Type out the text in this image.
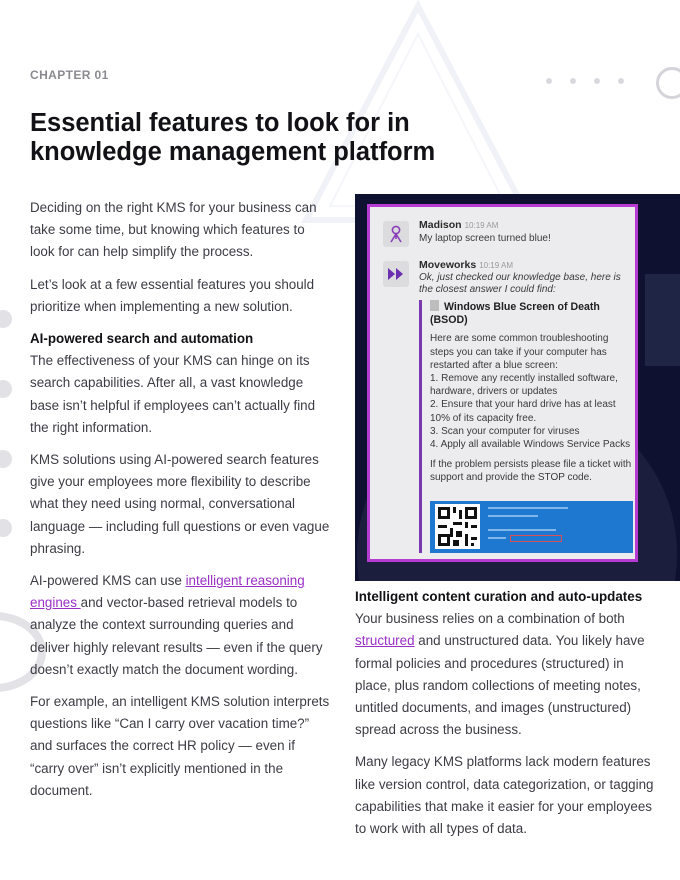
CHAPTER 01
Essential features to look for in knowledge management platform

Deciding on the right KMS for your business can take some time, but knowing which features to look for can help simplify the process.

Let’s look at a few essential features you should prioritize when implementing a new solution.

AI-powered search and automation

The effectiveness of your KMS can hinge on its search capabilities. After all, a vast knowledge base isn’t helpful if employees can’t actually find the right information.

KMS solutions using AI-powered search features give your employees more flexibility to describe what they need using normal, conversational language — including full questions or even vague phrasing.

AI-powered KMS can use intelligent reasoning engines and vector-based retrieval models to analyze the context surrounding queries and deliver highly relevant results — even if the query doesn’t exactly match the document wording.

For example, an intelligent KMS solution interprets questions like “Can I carry over vacation time?” and surfaces the correct HR policy — even if “carry over” isn’t explicitly mentioned in the document.

Madison 10:19 AM
My laptop screen turned blue!
Moveworks 10:19 AM
Ok, just checked our knowledge base, here is the closest answer I could find:
Windows Blue Screen of Death (BSOD)
Here are some common troubleshooting steps you can take if your computer has restarted after a blue screen:
1. Remove any recently installed software, hardware, drivers or updates
2. Ensure that your hard drive has at least 10% of its capacity free.
3. Scan your computer for viruses
4. Apply all available Windows Service Packs
If the problem persists please file a ticket with support and provide the STOP code.
Intelligent content curation and auto-updates

Your business relies on a combination of both structured and unstructured data. You likely have formal policies and procedures (structured) in place, plus random collections of meeting notes, untitled documents, and images (unstructured) spread across the business.

Many legacy KMS platforms lack modern features like version control, data categorization, or tagging capabilities that make it easier for your employees to work with all types of data.
